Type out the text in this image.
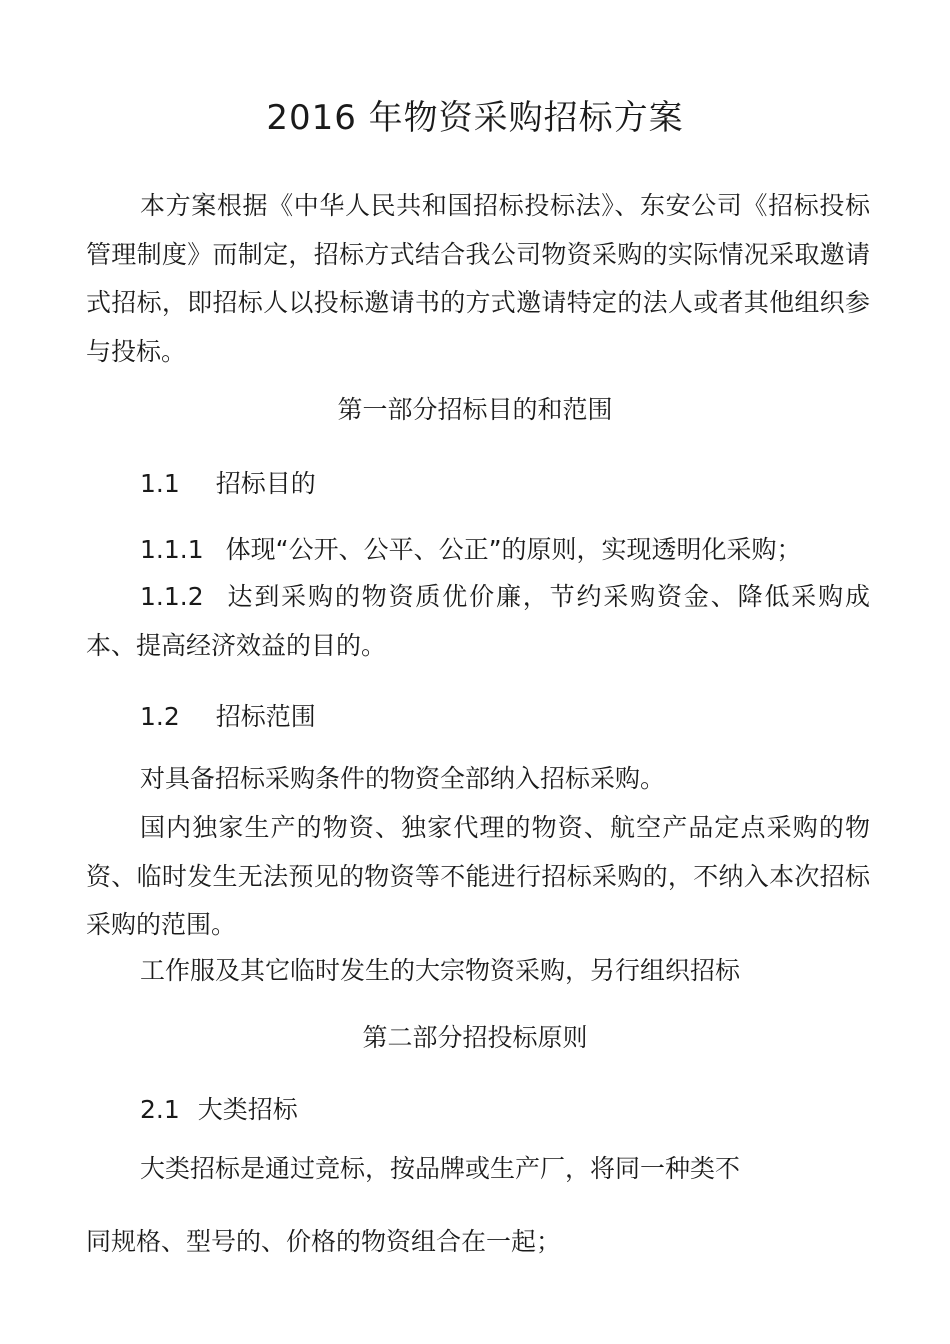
2016 年物资采购招标方案

本方案根据《中华人民共和国招标投标法》、东安公司《招标投标管理制度》而制定，招标方式结合我公司物资采购的实际情况采取邀请式招标，即招标人以投标邀请书的方式邀请特定的法人或者其他组织参与投标。

第一部分招标目的和范围
1.1 招标目的
1.1.1 体现“公开、公平、公正”的原则，实现透明化采购；

1.1.2 达到采购的物资质优价廉，节约采购资金、降低采购成本、提高经济效益的目的。

1.2 招标范围

对具备招标采购条件的物资全部纳入招标采购。

国内独家生产的物资、独家代理的物资、航空产品定点采购的物资、临时发生无法预见的物资等不能进行招标采购的，不纳入本次招标采购的范围。

工作服及其它临时发生的大宗物资采购，另行组织招标

第二部分招投标原则
2.1 大类招标

大类招标是通过竞标，按品牌或生产厂，将同一种类不

同规格、型号的、价格的物资组合在一起；
